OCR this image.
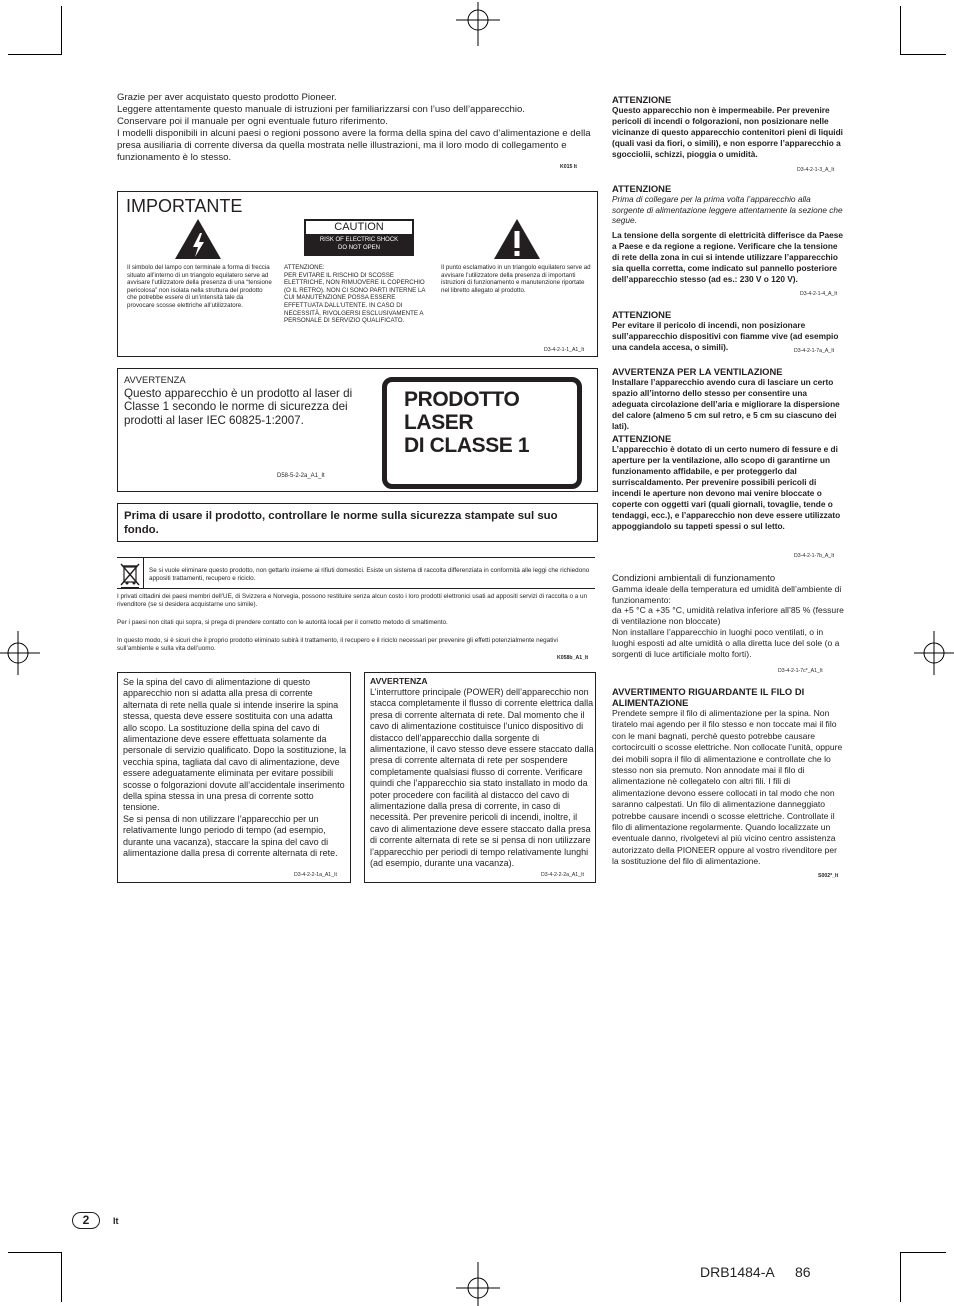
Grazie per aver acquistato questo prodotto Pioneer.

Leggere attentamente questo manuale di istruzioni per familiarizzarsi con l’uso dell’apparecchio.

Conservare poi il manuale per ogni eventuale futuro riferimento.

I modelli disponibili in alcuni paesi o regioni possono avere la forma della spina del cavo d’alimentazione e della presa ausiliaria di corrente diversa da quella mostrata nelle illustrazioni, ma il loro modo di collegamento e funzionamento è lo stesso.

K015 It
IMPORTANTE
CAUTION
RISK OF ELECTRIC SHOCK
DO NOT OPEN
Il simbolo del lampo con terminale a forma di freccia situato all’interno di un triangolo equilatero serve ad avvisare l’utilizzatore della presenza di una “tensione pericolosa” non isolata nella struttura del prodotto che potrebbe essere di un’intensità tale da provocare scosse elettriche all’utilizzatore.
ATTENZIONE:
PER EVITARE IL RISCHIO DI SCOSSE ELETTRICHE, NON RIMUOVERE IL COPERCHIO (O IL RETRO). NON CI SONO PARTI INTERNE LA CUI MANUTENZIONE POSSA ESSERE EFFETTUATA DALL’UTENTE. IN CASO DI NECESSITÀ, RIVOLGERSI ESCLUSIVAMENTE A PERSONALE DI SERVIZIO QUALIFICATO.
Il punto esclamativo in un triangolo equilatero serve ad avvisare l’utilizzatore della presenza di importanti istruzioni di funzionamento e manutenzione riportate nel libretto allegato al prodotto.
D3-4-2-1-1_A1_It
AVVERTENZA
Questo apparecchio è un prodotto al laser di Classe 1 secondo le norme di sicurezza dei prodotti al laser IEC 60825-1:2007.
D58-5-2-2a_A1_It
PRODOTTO LASER
DI CLASSE 1
Prima di usare il prodotto, controllare le norme sulla sicurezza stampate sul suo fondo.
Se si vuole eliminare questo prodotto, non gettarlo insieme ai rifiuti domestici. Esiste un sistema di raccolta differenziata in conformità alle leggi che richiedono appositi trattamenti, recupero e riciclo.
I privati cittadini dei paesi membri dell’UE, di Svizzera e Norvegia, possono restituire senza alcun costo i loro prodotti elettronici usati ad appositi servizi di raccolta o a un rivenditore (se si desidera acquistarne uno simile).
Per i paesi non citati qui sopra, si prega di prendere contatto con le autorità locali per il corretto metodo di smaltimento.
In questo modo, si è sicuri che il proprio prodotto eliminato subirà il trattamento, il recupero e il riciclo necessari per prevenire gli effetti potenzialmente negativi sull’ambiente e sulla vita dell’uomo.
K058b_A1_It
Se la spina del cavo di alimentazione di questo apparecchio non si adatta alla presa di corrente alternata di rete nella quale si intende inserire la spina stessa, questa deve essere sostituita con una adatta allo scopo. La sostituzione della spina del cavo di alimentazione deve essere effettuata solamente da personale di servizio qualificato. Dopo la sostituzione, la vecchia spina, tagliata dal cavo di alimentazione, deve essere adeguatamente eliminata per evitare possibili scosse o folgorazioni dovute all’accidentale inserimento della spina stessa in una presa di corrente sotto tensione.
Se si pensa di non utilizzare l’apparecchio per un relativamente lungo periodo di tempo (ad esempio, durante una vacanza), staccare la spina del cavo di alimentazione dalla presa di corrente alternata di rete.
D3-4-2-2-1a_A1_It
AVVERTENZA
L’interruttore principale (POWER) dell’apparecchio non stacca completamente il flusso di corrente elettrica dalla presa di corrente alternata di rete. Dal momento che il cavo di alimentazione costituisce l’unico dispositivo di distacco dell’apparecchio dalla sorgente di alimentazione, il cavo stesso deve essere staccato dalla presa di corrente alternata di rete per sospendere completamente qualsiasi flusso di corrente. Verificare quindi che l’apparecchio sia stato installato in modo da poter procedere con facilità al distacco del cavo di alimentazione dalla presa di corrente, in caso di necessità. Per prevenire pericoli di incendi, inoltre, il cavo di alimentazione deve essere staccato dalla presa di corrente alternata di rete se si pensa di non utilizzare l’apparecchio per periodi di tempo relativamente lunghi (ad esempio, durante una vacanza).
D3-4-2-2-2a_A1_It

ATTENZIONE

Questo apparecchio non è impermeabile. Per prevenire pericoli di incendi o folgorazioni, non posizionare nelle vicinanze di questo apparecchio contenitori pieni di liquidi (quali vasi da fiori, o simili), e non esporre l’apparecchio a sgocciolii, schizzi, pioggia o umidità.

D3-4-2-1-3_A_It

ATTENZIONE

Prima di collegare per la prima volta l’apparecchio alla sorgente di alimentazione leggere attentamente la sezione che segue.

La tensione della sorgente di elettricità differisce da Paese a Paese e da regione a regione. Verificare che la tensione di rete della zona in cui si intende utilizzare l’apparecchio sia quella corretta, come indicato sul pannello posteriore dell’apparecchio stesso (ad es.: 230 V o 120 V).

D3-4-2-1-4_A_It

ATTENZIONE

Per evitare il pericolo di incendi, non posizionare sull’apparecchio dispositivi con fiamme vive (ad esempio una candela accesa, o simili).	D3-4-2-1-7a_A_It

AVVERTENZA PER LA VENTILAZIONE

Installare l’apparecchio avendo cura di lasciare un certo spazio all’intorno dello stesso per consentire una adeguata circolazione dell’aria e migliorare la dispersione del calore (almeno 5 cm sul retro, e 5 cm su ciascuno dei lati).

ATTENZIONE

L’apparecchio è dotato di un certo numero di fessure e di aperture per la ventilazione, allo scopo di garantirne un funzionamento affidabile, e per proteggerlo dal surriscaldamento. Per prevenire possibili pericoli di incendi le aperture non devono mai venire bloccate o coperte con oggetti vari (quali giornali, tovaglie, tende o tendaggi, ecc.), e l’apparecchio non deve essere utilizzato appoggiandolo su tappeti spessi o sul letto.

D3-4-2-1-7b_A_It

Condizioni ambientali di funzionamento

Gamma ideale della temperatura ed umidità dell’ambiente di funzionamento:

da +5 °C a +35 °C, umidità relativa inferiore all’85 % (fessure di ventilazione non bloccate)

Non installare l’apparecchio in luoghi poco ventilati, o in luoghi esposti ad alte umidità o alla diretta luce del sole (o a sorgenti di luce artificiale molto forti).

D3-4-2-1-7c*_A1_It

AVVERTIMENTO RIGUARDANTE IL FILO DI ALIMENTAZIONE

Prendete sempre il filo di alimentazione per la spina. Non tiratelo mai agendo per il filo stesso e non toccate mai il filo con le mani bagnati, perchè questo potrebbe causare cortocircuiti o scosse elettriche. Non collocate l’unità, oppure dei mobili sopra il filo di alimentazione e controllate che lo stesso non sia premuto. Non annodate mai il filo di alimentazione nè collegatelo con altri fili. I fili di alimentazione devono essere collocati in tal modo che non saranno calpestati. Un filo di alimentazione danneggiato potrebbe causare incendi o scosse elettriche. Controllate il filo di alimentazione regolarmente. Quando localizzate un eventuale danno, rivolgetevi al più vicino centro assistenza autorizzato della PIONEER oppure al vostro rivenditore per la sostituzione del filo di alimentazione.

S002*_It
2	It
DRB1484-A 86
